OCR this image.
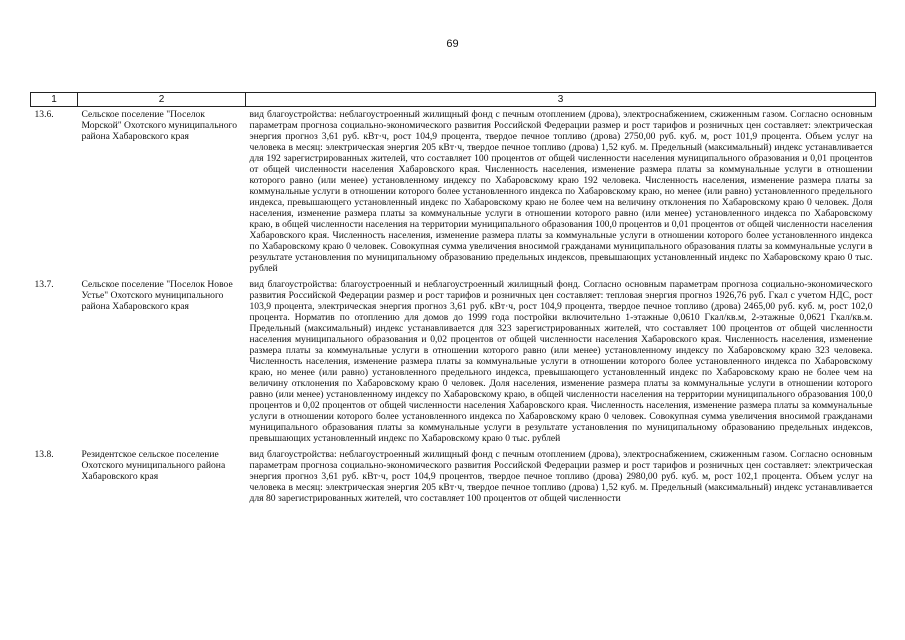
69
1	2	3
13.6.	Сельское поселение "Поселок Морской" Охотского муниципального района Хабаровского края	вид благоустройства: неблагоустроенный жилищный фонд с печным отоплением (дрова), электроснабжением, сжиженным газом. Согласно основным параметрам прогноза социально-экономического развития Российской Федерации размер и рост тарифов и розничных цен составляет: электрическая энергия прогноз 3,61 руб. кВт·ч, рост 104,9 процента, твердое печное топливо (дрова) 2750,00 руб. куб. м, рост 101,9 процента. Объем услуг на человека в месяц: электрическая энергия 205 кВт·ч, твердое печное топливо (дрова) 1,52 куб. м. Предельный (максимальный) индекс устанавливается для 192 зарегистрированных жителей, что составляет 100 процентов от общей численности населения муниципального образования и 0,01 процентов от общей численности населения Хабаровского края. Численность населения, изменение размера платы за коммунальные услуги в отношении которого равно (или менее) установленному индексу по Хабаровскому краю 192 человека. Численность населения, изменение размера платы за коммунальные услуги в отношении которого более установленного индекса по Хабаровскому краю, но менее (или равно) установленного предельного индекса, превышающего установленный индекс по Хабаровскому краю не более чем на величину отклонения по Хабаровскому краю 0 человек. Доля населения, изменение размера платы за коммунальные услуги в отношении которого равно (или менее) установленного индекса по Хабаровскому краю, в общей численности населения на территории муниципального образования 100,0 процентов и 0,01 процентов от общей численности населения Хабаровского края. Численность населения, изменение размера платы за коммунальные услуги в отношении которого более установленного индекса по Хабаровскому краю 0 человек. Совокупная сумма увеличения вносимой гражданами муниципального образования платы за коммунальные услуги в результате установления по муниципальному образованию предельных индексов, превышающих установленный индекс по Хабаровскому краю 0 тыс. рублей
13.7.	Сельское поселение "Поселок Новое Устье" Охотского муниципального района Хабаровского края	вид благоустройства: благоустроенный и неблагоустроенный жилищный фонд. Согласно основным параметрам прогноза социально-экономического развития Российской Федерации размер и рост тарифов и розничных цен составляет: тепловая энергия прогноз 1926,76 руб. Гкал с учетом НДС, рост 103,9 процента, электрическая энергия прогноз 3,61 руб. кВт·ч, рост 104,9 процента, твердое печное топливо (дрова) 2465,00 руб. куб. м, рост 102,0 процента. Норматив по отоплению для домов до 1999 года постройки включительно 1-этажные 0,0610 Гкал/кв.м, 2-этажные 0,0621 Гкал/кв.м. Предельный (максимальный) индекс устанавливается для 323 зарегистрированных жителей, что составляет 100 процентов от общей численности населения муниципального образования и 0,02 процентов от общей численности населения Хабаровского края. Численность населения, изменение размера платы за коммунальные услуги в отношении которого равно (или менее) установленному индексу по Хабаровскому краю 323 человека. Численность населения, изменение размера платы за коммунальные услуги в отношении которого более установленного индекса по Хабаровскому краю, но менее (или равно) установленного предельного индекса, превышающего установленный индекс по Хабаровскому краю не более чем на величину отклонения по Хабаровскому краю 0 человек. Доля населения, изменение размера платы за коммунальные услуги в отношении которого равно (или менее) установленному индексу по Хабаровскому краю, в общей численности населения на территории муниципального образования 100,0 процентов и 0,02 процентов от общей численности населения Хабаровского края. Численность населения, изменение размера платы за коммунальные услуги в отношении которого более установленного индекса по Хабаровскому краю 0 человек. Совокупная сумма увеличения вносимой гражданами муниципального образования платы за коммунальные услуги в результате установления по муниципальному образованию предельных индексов, превышающих установленный индекс по Хабаровскому краю 0 тыс. рублей
13.8.	Резидентское сельское поселение Охотского муниципального района Хабаровского края	вид благоустройства: неблагоустроенный жилищный фонд с печным отоплением (дрова), электроснабжением, сжиженным газом. Согласно основным параметрам прогноза социально-экономического развития Российской Федерации размер и рост тарифов и розничных цен составляет: электрическая энергия прогноз 3,61 руб. кВт·ч, рост 104,9 процентов, твердое печное топливо (дрова) 2980,00 руб. куб. м, рост 102,1 процента. Объем услуг на человека в месяц: электрическая энергия 205 кВт·ч, твердое печное топливо (дрова) 1,52 куб. м. Предельный (максимальный) индекс устанавливается для 80 зарегистрированных жителей, что составляет 100 процентов от общей численности
